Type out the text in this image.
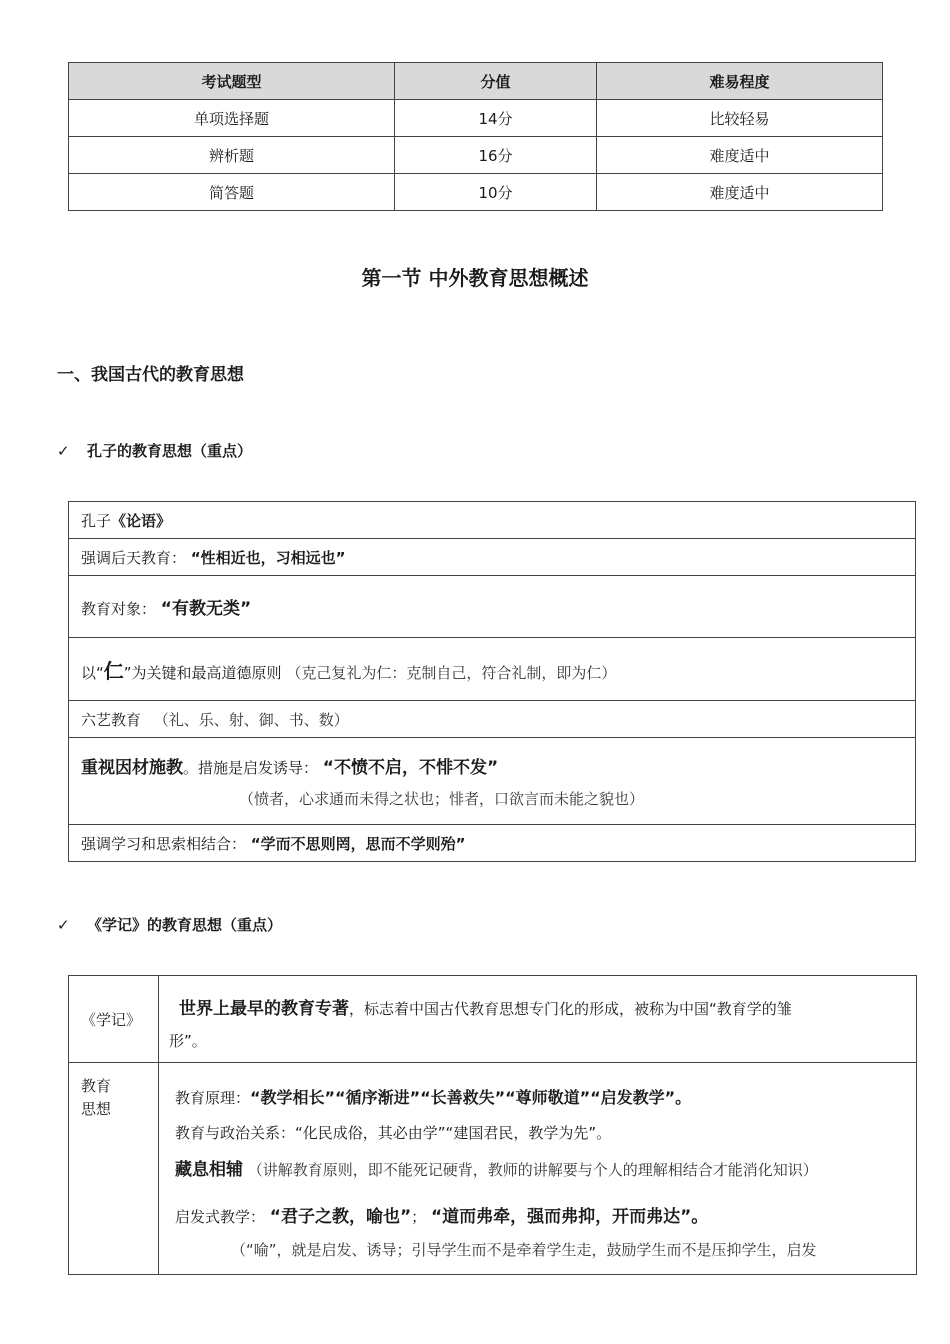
考试题型	分值	难易程度
单项选择题	14分	比较轻易
辨析题	16分	难度适中
简答题	10分	难度适中
第一节 中外教育思想概述
一、我国古代的教育思想
✓ 孔子的教育思想（重点）
孔子《论语》
强调后天教育： “性相近也，习相远也”
教育对象： “有教无类”
以“仁”为关键和最高道德原则 （克己复礼为仁：克制自己，符合礼制，即为仁）
六艺教育 （礼、乐、射、御、书、数）
重视因材施教。措施是启发诱导： “不愤不启，不悱不发”
（愤者，心求通而未得之状也；悱者，口欲言而未能之貌也）

强调学习和思索相结合： “学而不思则罔，思而不学则殆”
✓ 《学记》的教育思想（重点）
《学记》	世界上最早的教育专著，标志着中国古代教育思想专门化的形成，被称为中国“教育学的雏
形”。

教育
思想	教育原理：“教学相长”“循序渐进”“长善救失”“尊师敬道”“启发教学”。
教育与政治关系：“化民成俗，其必由学”“建国君民，教学为先”。
藏息相辅 （讲解教育原则，即不能死记硬背，教师的讲解要与个人的理解相结合才能消化知识）
启发式教学： “君子之教，喻也”； “道而弗牵，强而弗抑，开而弗达”。
（“喻”，就是启发、诱导；引导学生而不是牵着学生走，鼓励学生而不是压抑学生，启发
